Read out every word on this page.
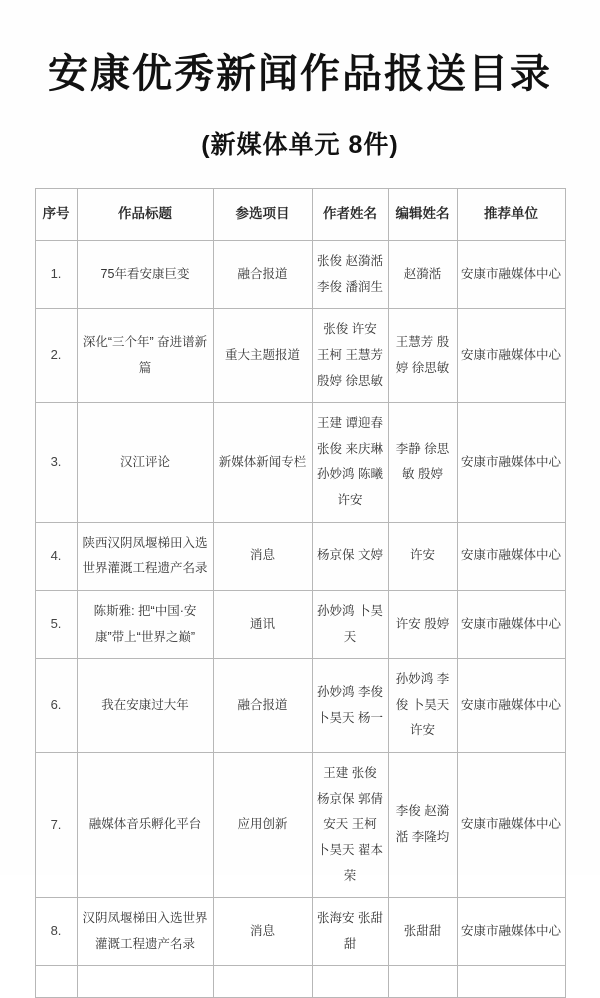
安康优秀新闻作品报送目录
(新媒体单元 8件)
序号	作品标题	参选项目	作者姓名	编辑姓名	推荐单位
1.	75年看安康巨变	融合报道	张俊 赵漪湉 李俊 潘润生	赵漪湉	安康市融媒体中心
2.	深化“三个年” 奋进谱新篇	重大主题报道	张俊 许安 王柯 王慧芳 殷婷 徐思敏	王慧芳 殷婷 徐思敏	安康市融媒体中心
3.	汉江评论	新媒体新闻专栏	王建 谭迎春 张俊 来庆琳 孙妙鸿 陈曦 许安	李静 徐思敏 殷婷	安康市融媒体中心
4.	陕西汉阴凤堰梯田入选世界灌溉工程遗产名录	消息	杨京保 文婷	许安	安康市融媒体中心
5.	陈斯雅: 把“中国·安康”带上“世界之巅”	通讯	孙妙鸿 卜昊天	许安 殷婷	安康市融媒体中心
6.	我在安康过大年	融合报道	孙妙鸿 李俊 卜昊天 杨一	孙妙鸿 李俊 卜昊天 许安	安康市融媒体中心
7.	融媒体音乐孵化平台	应用创新	王建 张俊 杨京保 郭倩 安天 王柯 卜昊天 翟本荣	李俊 赵漪湉 李隆均	安康市融媒体中心
8.	汉阴凤堰梯田入选世界灌溉工程遗产名录	消息	张海安 张甜甜	张甜甜	安康市融媒体中心
